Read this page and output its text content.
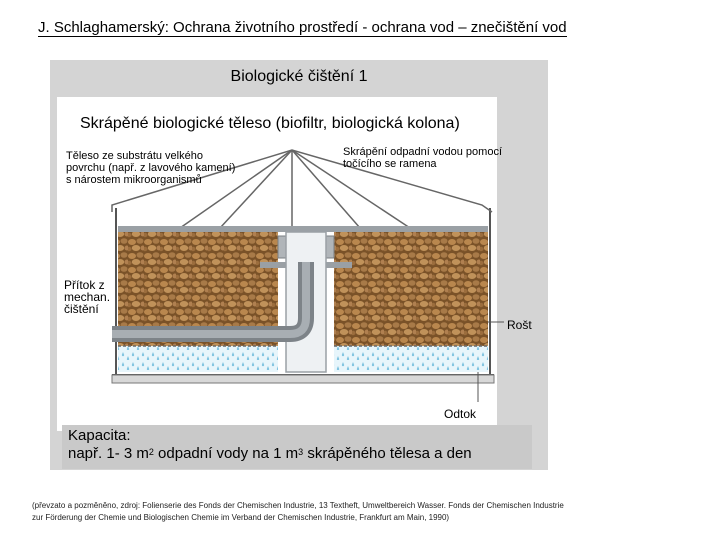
J. Schlaghamerský: Ochrana životního prostředí - ochrana vod – znečištění vod
Biologické čištění 1
Skrápěné biologické těleso (biofiltr, biologická kolona)
Těleso ze substrátu velkého
povrchu (např. z lavového kamení)
s nárostem mikroorganismů
Skrápění odpadní vodou pomocí
točícího se ramena
Přítok z
mechan.
čištění
Rošt
Odtok
Kapacita:
např. 1- 3 $m^2$ odpadní vody na 1 $m^3$ skrápěného tělesa a den
(převzato a pozměněno, zdroj: Folienserie des Fonds der Chemischen Industrie, 13 Textheft, Umweltbereich Wasser. Fonds der Chemischen Industrie
zur Förderung der Chemie und Biologischen Chemie im Verband der Chemischen Industrie, Frankfurt am Main, 1990)
